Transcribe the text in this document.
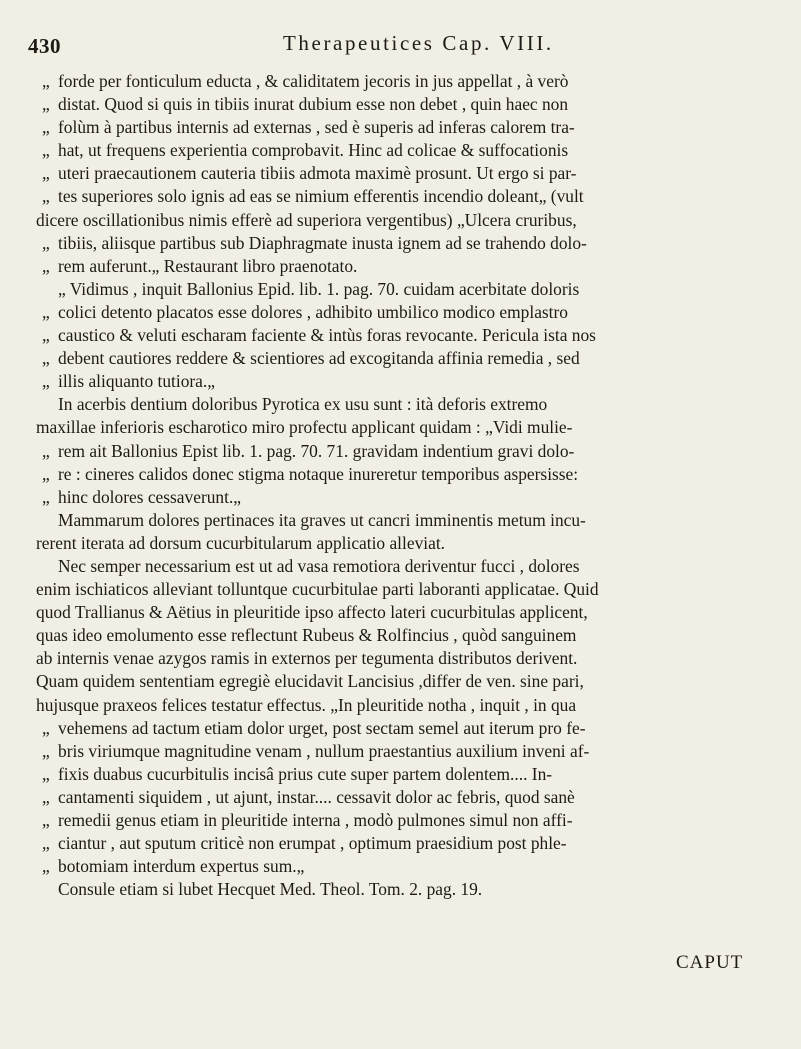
430	Therapeutices Cap. VIII.
„ forde per fonticulum educta , & caliditatem jecoris in jus appellat , à verò
„ distat. Quod si quis in tibiis inurat dubium esse non debet , quin haec non
„ folùm à partibus internis ad externas , sed è superis ad inferas calorem tra-
„ hat, ut frequens experientia comprobavit. Hinc ad colicae & suffocationis
„ uteri praecautionem cauteria tibiis admota maximè prosunt. Ut ergo si par-
„ tes superiores solo ignis ad eas se nimium efferentis incendio doleant„ (vult
dicere oscillationibus nimis efferè ad superiora vergentibus) „Ulcera cruribus,
„ tibiis, aliisque partibus sub Diaphragmate inusta ignem ad se trahendo dolo-
„ rem auferunt.„ Restaurant libro praenotato.
„ Vidimus , inquit Ballonius Epid. lib. 1. pag. 70. cuidam acerbitate doloris
„ colici detento placatos esse dolores , adhibito umbilico modico emplastro
„ caustico & veluti escharam faciente & intùs foras revocante. Pericula ista nos
„ debent cautiores reddere & scientiores ad excogitanda affinia remedia , sed
„ illis aliquanto tutiora.„
In acerbis dentium doloribus Pyrotica ex usu sunt : ità deforis extremo
maxillae inferioris escharotico miro profectu applicant quidam : „Vidi mulie-
„ rem ait Ballonius Epist lib. 1. pag. 70. 71. gravidam indentium gravi dolo-
„ re : cineres calidos donec stigma notaque inureretur temporibus aspersisse:
„ hinc dolores cessaverunt.„
Mammarum dolores pertinaces ita graves ut cancri imminentis metum incu-
rerent iterata ad dorsum cucurbitularum applicatio alleviat.
Nec semper necessarium est ut ad vasa remotiora deriventur fucci , dolores
enim ischiaticos alleviant tolluntque cucurbitulae parti laboranti applicatae. Quid
quod Trallianus & Aëtius in pleuritide ipso affecto lateri cucurbitulas applicent,
quas ideo emolumento esse reflectunt Rubeus & Rolfincius , quòd sanguinem
ab internis venae azygos ramis in externos per tegumenta distributos derivent.
Quam quidem sententiam egregiè elucidavit Lancisius ,differ de ven. sine pari,
hujusque praxeos felices testatur effectus. „In pleuritide notha , inquit , in qua
„ vehemens ad tactum etiam dolor urget, post sectam semel aut iterum pro fe-
„ bris viriumque magnitudine venam , nullum praestantius auxilium inveni af-
„ fixis duabus cucurbitulis incisâ prius cute super partem dolentem.... In-
„ cantamenti siquidem , ut ajunt, instar.... cessavit dolor ac febris, quod sanè
„ remedii genus etiam in pleuritide interna , modò pulmones simul non affi-
„ ciantur , aut sputum criticè non erumpat , optimum praesidium post phle-
„ botomiam interdum expertus sum.„
Consule etiam si lubet Hecquet Med. Theol. Tom. 2. pag. 19.
CAPUT
